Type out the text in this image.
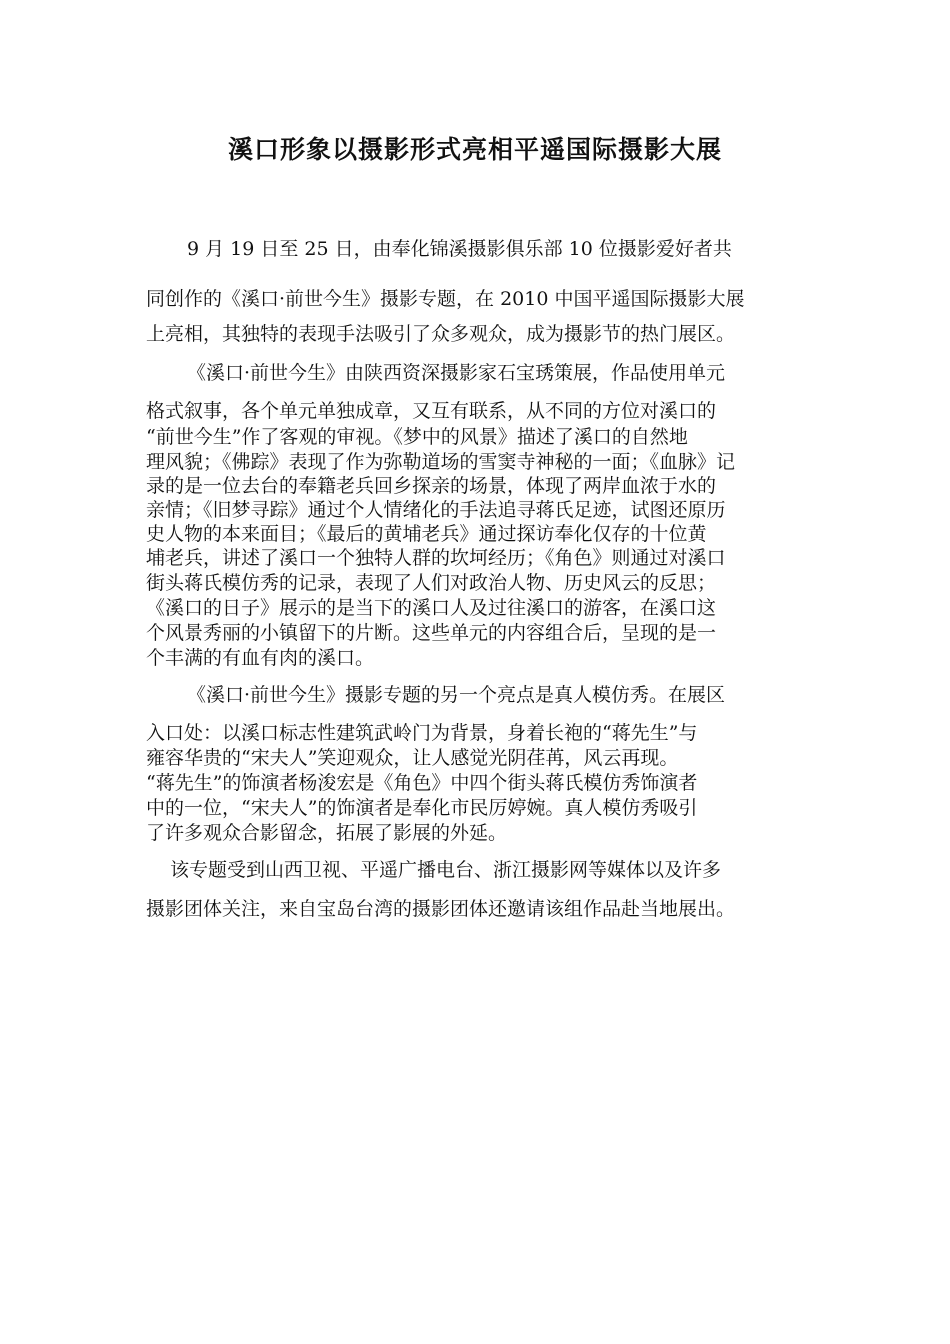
溪口形象以摄影形式亮相平遥国际摄影大展
9 月 19 日至 25 日，由奉化锦溪摄影俱乐部 10 位摄影爱好者共
同创作的《溪口·前世今生》摄影专题，在 2010 中国平遥国际摄影大展
上亮相，其独特的表现手法吸引了众多观众，成为摄影节的热门展区。
《溪口·前世今生》由陕西资深摄影家石宝琇策展，作品使用单元
格式叙事，各个单元单独成章，又互有联系，从不同的方位对溪口的
“前世今生”作了客观的审视。《梦中的风景》描述了溪口的自然地
理风貌；《佛踪》表现了作为弥勒道场的雪窦寺神秘的一面；《血脉》记
录的是一位去台的奉籍老兵回乡探亲的场景，体现了两岸血浓于水的
亲情；《旧梦寻踪》通过个人情绪化的手法追寻蒋氏足迹，试图还原历
史人物的本来面目；《最后的黄埔老兵》通过探访奉化仅存的十位黄
埔老兵，讲述了溪口一个独特人群的坎坷经历；《角色》则通过对溪口
街头蒋氏模仿秀的记录，表现了人们对政治人物、历史风云的反思；
《溪口的日子》展示的是当下的溪口人及过往溪口的游客，在溪口这
个风景秀丽的小镇留下的片断。这些单元的内容组合后，呈现的是一
个丰满的有血有肉的溪口。
《溪口·前世今生》摄影专题的另一个亮点是真人模仿秀。在展区
入口处：以溪口标志性建筑武岭门为背景，身着长袍的“蒋先生”与
雍容华贵的“宋夫人”笑迎观众，让人感觉光阴荏苒，风云再现。
“蒋先生”的饰演者杨浚宏是《角色》中四个街头蒋氏模仿秀饰演者
中的一位，“宋夫人”的饰演者是奉化市民厉婷婉。真人模仿秀吸引
了许多观众合影留念，拓展了影展的外延。
该专题受到山西卫视、平遥广播电台、浙江摄影网等媒体以及许多
摄影团体关注，来自宝岛台湾的摄影团体还邀请该组作品赴当地展出。
